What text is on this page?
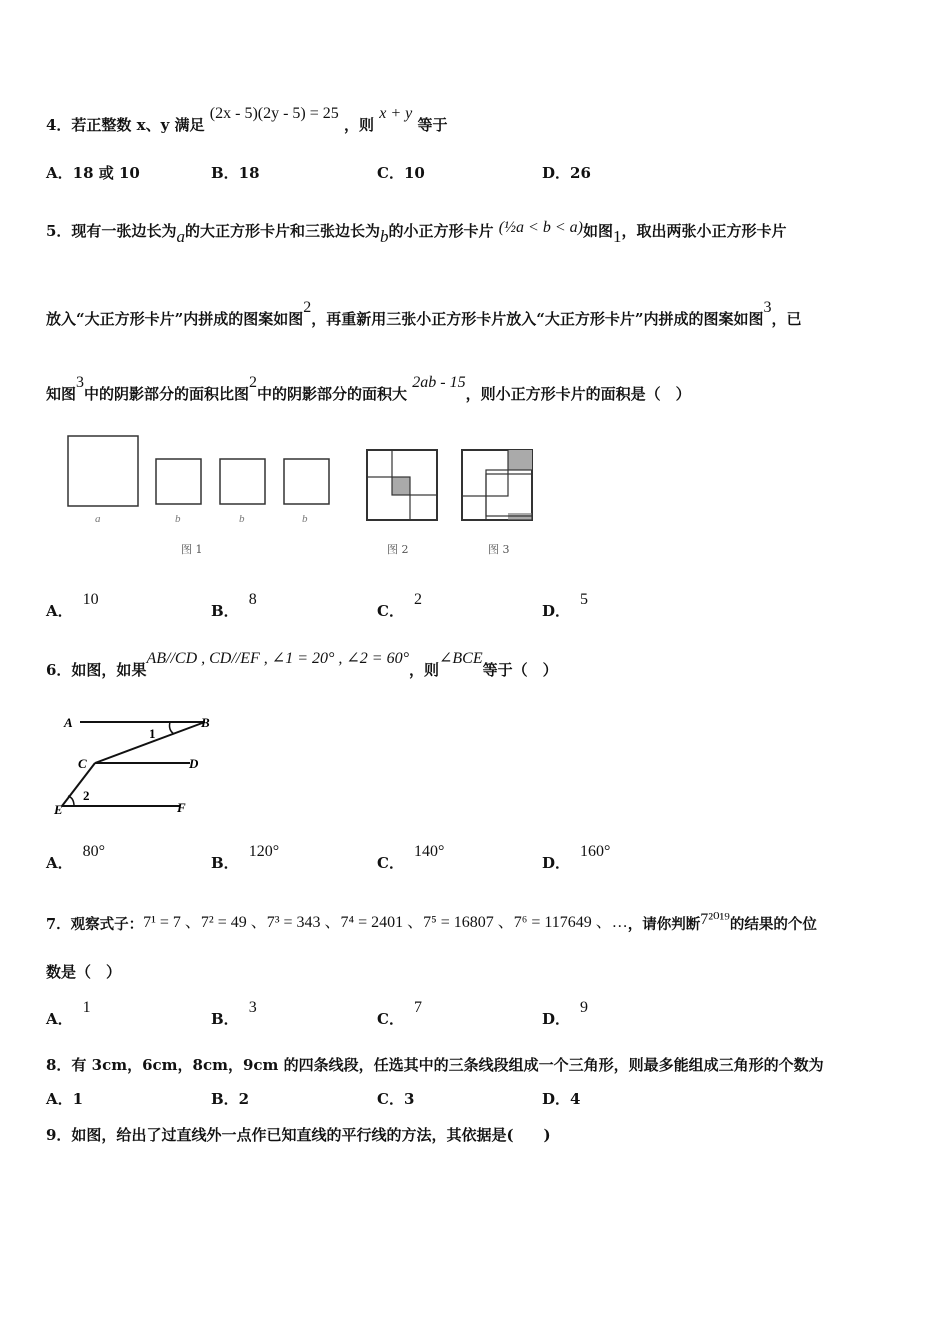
4．若正整数 x、y 满足 (2x - 5)(2y - 5) = 25 ，则 x + y 等于
A．18 或 10	B．18	C．10	D．26
5．现有一张边长为a的大正方形卡片和三张边长为b的小正方形卡片 (½a < b < a)如图1，取出两张小正方形卡片
放入“大正方形卡片”内拼成的图案如图2，再重新用三张小正方形卡片放入“大正方形卡片”内拼成的图案如图3，已
知图3中的阴影部分的面积比图2中的阴影部分的面积大 2ab - 15，则小正方形卡片的面积是（　）
a	b	b	b
图 1	图 2	图 3
A．10
B．8
C．2
D．5
6．如图，如果AB//CD , CD//EF , ∠1 = 20° , ∠2 = 60°，则∠BCE等于（　）
A	B
C	D
E	F
1
2
A．80°
B．120°
C．140°
D．160°
7．观察式子：7¹ = 7 、7² = 49 、7³ = 343 、7⁴ = 2401 、7⁵ = 16807 、7⁶ = 117649 、…，请你判断7²⁰¹⁹的结果的个位
数是（　）
A．1
B．3
C．7
D．9
8．有 3cm，6cm，8cm，9cm 的四条线段，任选其中的三条线段组成一个三角形，则最多能组成三角形的个数为
A．1	B．2	C．3	D．4
9．如图，给出了过直线外一点作已知直线的平行线的方法，其依据是(　　)
